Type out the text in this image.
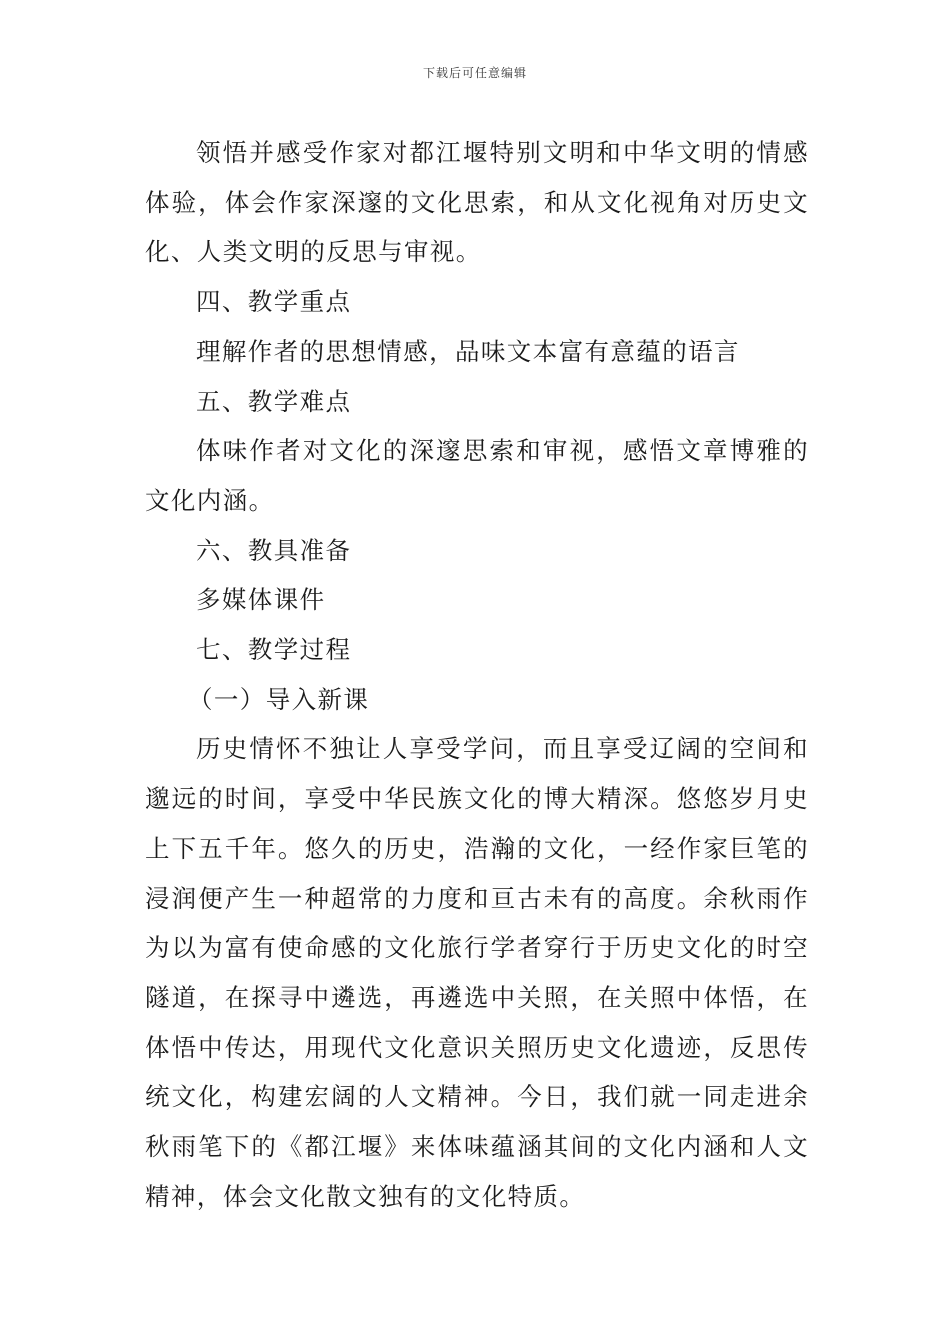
下载后可任意编辑

领悟并感受作家对都江堰特别文明和中华文明的情感体验，体会作家深邃的文化思索，和从文化视角对历史文化、人类文明的反思与审视。

四、教学重点

理解作者的思想情感，品味文本富有意蕴的语言

五、教学难点

体味作者对文化的深邃思索和审视，感悟文章博雅的文化内涵。

六、教具准备

多媒体课件

七、教学过程

（一）导入新课

历史情怀不独让人享受学问，而且享受辽阔的空间和邈远的时间，享受中华民族文化的博大精深。悠悠岁月史上下五千年。悠久的历史，浩瀚的文化，一经作家巨笔的浸润便产生一种超常的力度和亘古未有的高度。余秋雨作为以为富有使命感的文化旅行学者穿行于历史文化的时空隧道，在探寻中遴选，再遴选中关照，在关照中体悟，在体悟中传达，用现代文化意识关照历史文化遗迹，反思传统文化，构建宏阔的人文精神。今日，我们就一同走进余秋雨笔下的《都江堰》来体味蕴涵其间的文化内涵和人文精神，体会文化散文独有的文化特质。
